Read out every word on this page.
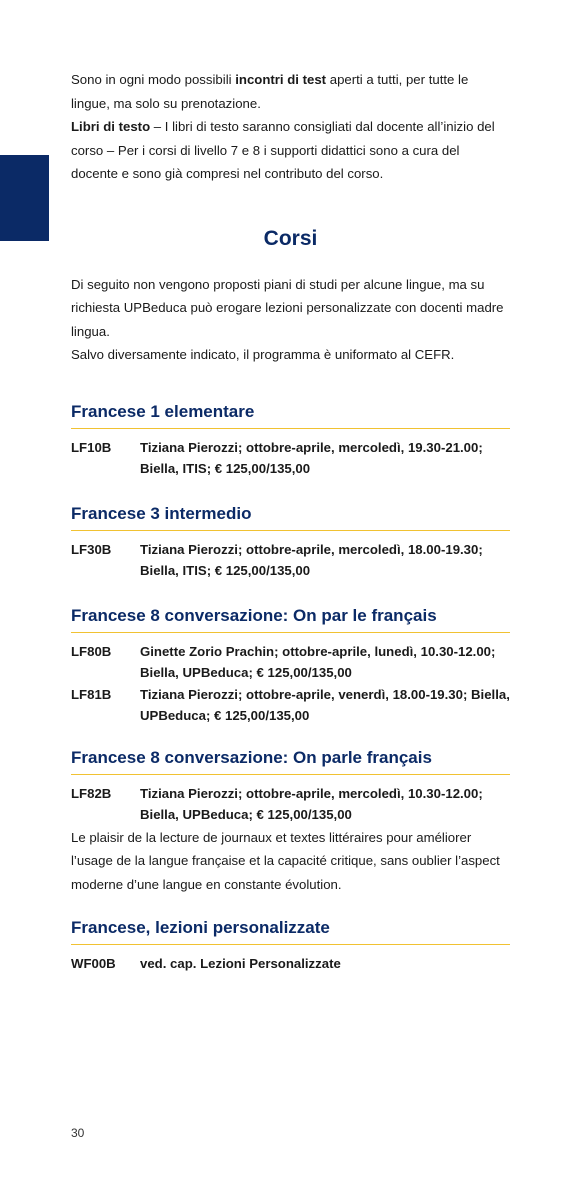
Sono in ogni modo possibili incontri di test aperti a tutti, per tutte le lingue, ma solo su prenotazione.

Libri di testo – I libri di testo saranno consigliati dal docente all’inizio del corso – Per i corsi di livello 7 e 8 i supporti didattici sono a cura del docente e sono già compresi nel contributo del corso.

Corsi

Di seguito non vengono proposti piani di studi per alcune lingue, ma su richiesta UPBeduca può erogare lezioni personalizzate con docenti madre lingua.

Salvo diversamente indicato, il programma è uniformato al CEFR.

Francese 1 elementare
LF10B	Tiziana Pierozzi; ottobre-aprile, mercoledì, 19.30-21.00; Biella, ITIS; € 125,00/135,00
Francese 3 intermedio
LF30B	Tiziana Pierozzi; ottobre-aprile, mercoledì, 18.00-19.30; Biella, ITIS; € 125,00/135,00
Francese 8 conversazione: On par le français
LF80B	Ginette Zorio Prachin; ottobre-aprile, lunedì, 10.30-12.00; Biella, UPBeduca; € 125,00/135,00
LF81B	Tiziana Pierozzi; ottobre-aprile, venerdì, 18.00-19.30; Biella, UPBeduca; € 125,00/135,00
Francese 8 conversazione: On parle français
LF82B	Tiziana Pierozzi; ottobre-aprile, mercoledì, 10.30-12.00; Biella, UPBeduca; € 125,00/135,00

Le plaisir de la lecture de journaux et textes littéraires pour améliorer l’usage de la langue française et la capacité critique, sans oublier l’aspect moderne d’une langue en constante évolution.

Francese, lezioni personalizzate
WF00B	ved. cap. Lezioni Personalizzate
30
